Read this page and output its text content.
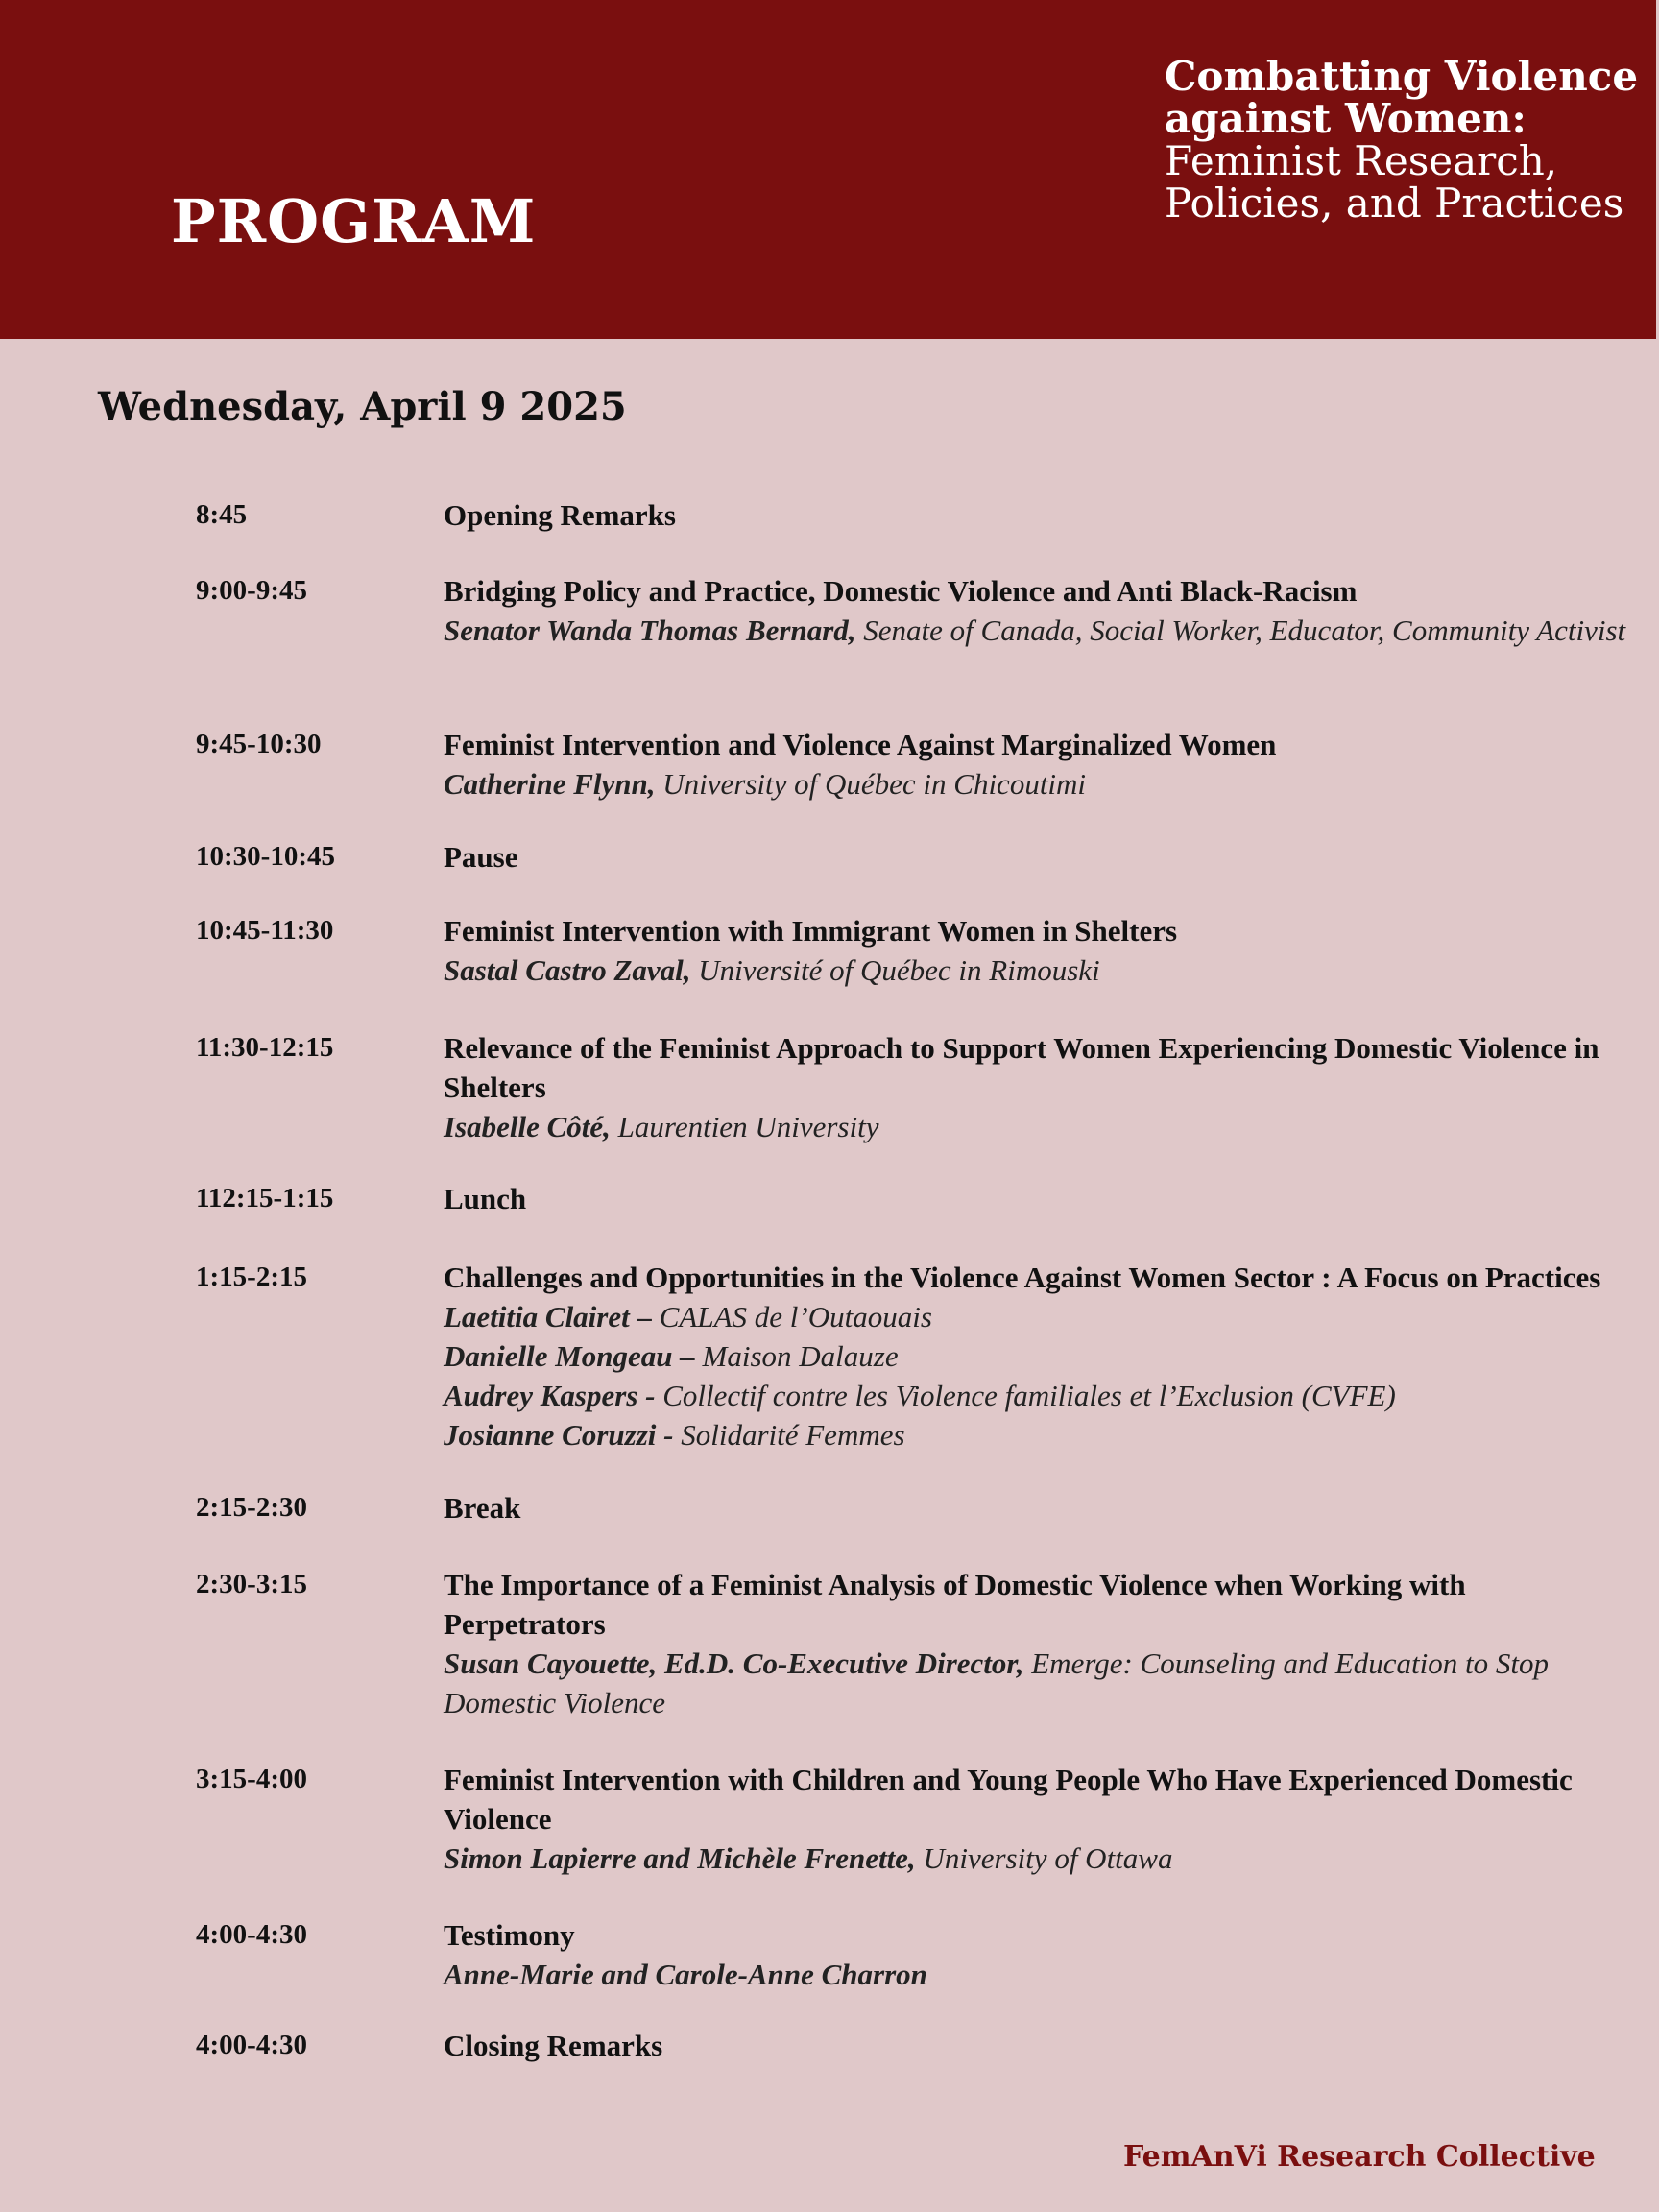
PROGRAM
Combatting Violence against Women: Feminist Research, Policies, and Practices
Wednesday, April 9 2025
8:45	Opening Remarks
9:00-9:45	Bridging Policy and Practice, Domestic Violence and Anti Black-Racism
Senator Wanda Thomas Bernard, Senate of Canada, Social Worker, Educator, Community Activist
9:45-10:30	Feminist Intervention and Violence Against Marginalized Women
Catherine Flynn, University of Québec in Chicoutimi
10:30-10:45	Pause
10:45-11:30	Feminist Intervention with Immigrant Women in Shelters
Sastal Castro Zaval, Université of Québec in Rimouski
11:30-12:15	Relevance of the Feminist Approach to Support Women Experiencing Domestic Violence in Shelters
Isabelle Côté, Laurentien University
112:15-1:15	Lunch
1:15-2:15	Challenges and Opportunities in the Violence Against Women Sector : A Focus on Practices
Laetitia Clairet – CALAS de l’Outaouais
Danielle Mongeau – Maison Dalauze
Audrey Kaspers - Collectif contre les Violence familiales et l’Exclusion (CVFE)
Josianne Coruzzi - Solidarité Femmes
2:15-2:30	Break
2:30-3:15	The Importance of a Feminist Analysis of Domestic Violence when Working with Perpetrators
Susan Cayouette, Ed.D. Co-Executive Director, Emerge: Counseling and Education to Stop Domestic Violence
3:15-4:00	Feminist Intervention with Children and Young People Who Have Experienced Domestic Violence
Simon Lapierre and Michèle Frenette, University of Ottawa
4:00-4:30	Testimony
Anne-Marie and Carole-Anne Charron
4:00-4:30	Closing Remarks
FemAnVi Research Collective
